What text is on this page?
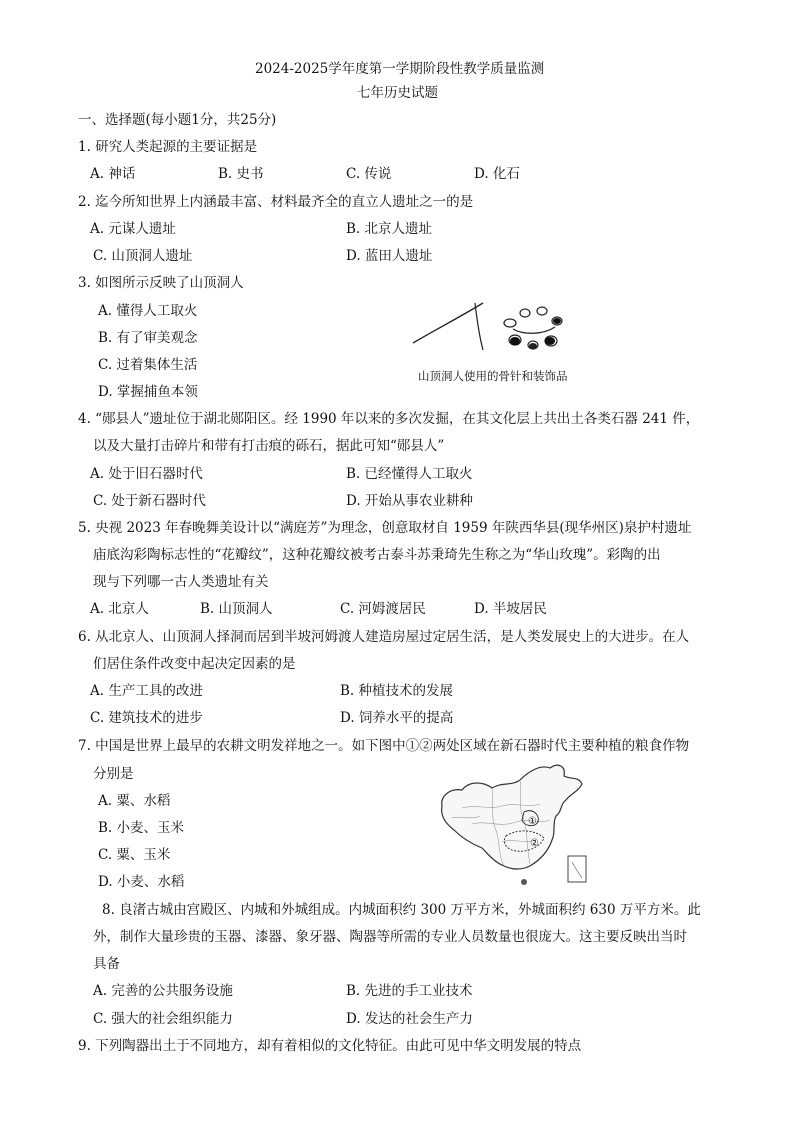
2024-2025学年度第一学期阶段性教学质量监测
七年历史试题
一、选择题(每小题1分，共25分)
1. 研究人类起源的主要证据是
A. 神话	B. 史书	C. 传说	D. 化石
2. 迄今所知世界上内涵最丰富、材料最齐全的直立人遗址之一的是
A. 元谋人遗址	B. 北京人遗址
C. 山顶洞人遗址	D. 蓝田人遗址
3. 如图所示反映了山顶洞人
A. 懂得人工取火
B. 有了审美观念
C. 过着集体生活
D. 掌握捕鱼本领
山顶洞人使用的骨针和装饰品
4. “郧县人”遗址位于湖北郧阳区。经 1990 年以来的多次发掘，在其文化层上共出土各类石器 241 件，
以及大量打击碎片和带有打击痕的砾石，据此可知“郧县人”
A. 处于旧石器时代	B. 已经懂得人工取火
C. 处于新石器时代	D. 开始从事农业耕种
5. 央视 2023 年春晚舞美设计以“满庭芳”为理念，创意取材自 1959 年陕西华县(现华州区)泉护村遗址
庙底沟彩陶标志性的“花瓣纹”，这种花瓣纹被考古泰斗苏秉琦先生称之为“华山玫瑰”。彩陶的出
现与下列哪一古人类遗址有关
A. 北京人	B. 山顶洞人	C. 河姆渡居民	D. 半坡居民
6. 从北京人、山顶洞人择洞而居到半坡河姆渡人建造房屋过定居生活，是人类发展史上的大进步。在人
们居住条件改变中起决定因素的是
A. 生产工具的改进	B. 种植技术的发展
C. 建筑技术的进步	D. 饲养水平的提高
7. 中国是世界上最早的农耕文明发祥地之一。如下图中①②两处区域在新石器时代主要种植的粮食作物
分别是
A. 粟、水稻
B. 小麦、玉米
C. 粟、玉米
D. 小麦、水稻
①
②
8. 良渚古城由宫殿区、内城和外城组成。内城面积约 300 万平方米，外城面积约 630 万平方米。此
外，制作大量珍贵的玉器、漆器、象牙器、陶器等所需的专业人员数量也很庞大。这主要反映出当时
具备
A. 完善的公共服务设施	B. 先进的手工业技术
C. 强大的社会组织能力	D. 发达的社会生产力
9. 下列陶器出土于不同地方，却有着相似的文化特征。由此可见中华文明发展的特点
